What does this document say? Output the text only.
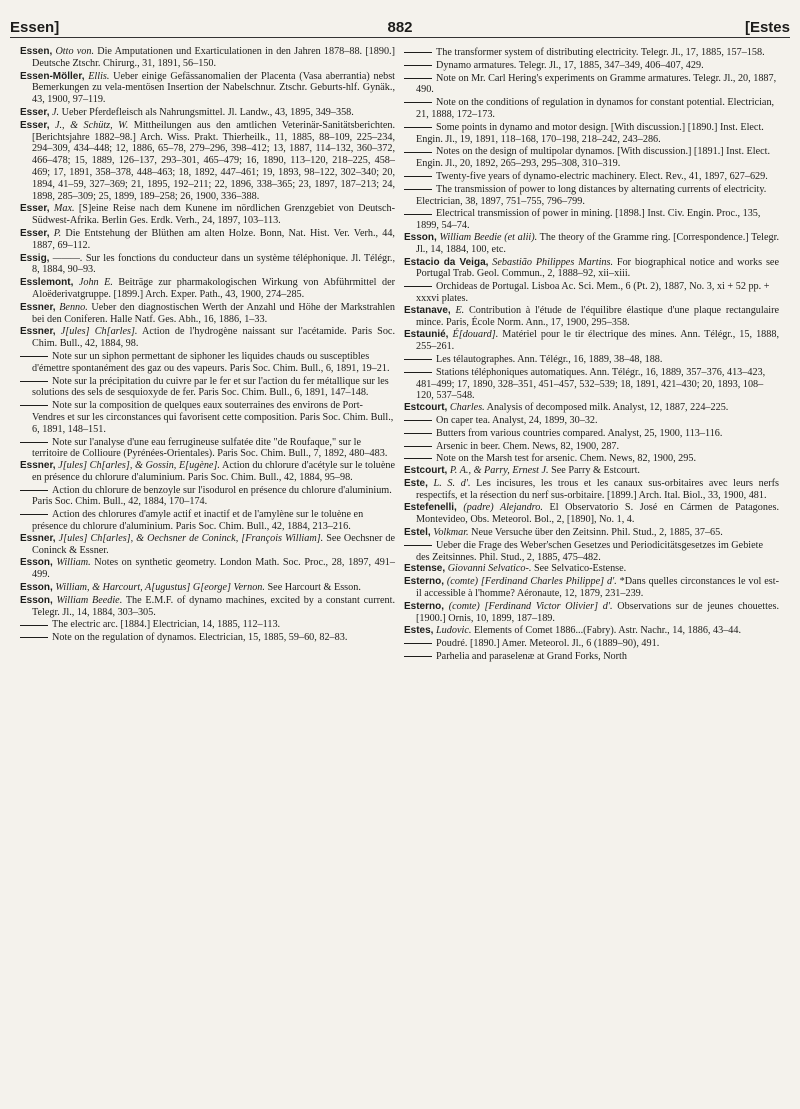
Essen]	882	[Estes
Essen, Otto von. Die Amputationen und Exarticulationen in den Jahren 1878–88. [1890.] Deutsche Ztschr. Chirurg., 31, 1891, 56–150.
Essen-Möller, Ellis. Ueber einige Gefässanomalien der Placenta (Vasa aberrantia) nebst Bemerkungen zu vela-mentösen Insertion der Nabelschnur. Ztschr. Geburts-hlf. Gynäk., 43, 1900, 97–119.
Esser, J. Ueber Pferdefleisch als Nahrungsmittel. Jl. Landw., 43, 1895, 349–358.
Esser, J., & Schütz, W. Mittheilungen aus den amtlichen Veterinär-Sanitätsberichten. [Berichtsjahre 1882–98.] Arch. Wiss. Prakt. Thierheilk., 11, 1885, 88–109, 225–234, 294–309, 434–448; 12, 1886, 65–78, 279–296, 398–412; 13, 1887, 114–132, 360–372, 466–478; 15, 1889, 126–137, 293–301, 465–479; 16, 1890, 113–120, 218–225, 458–469; 17, 1891, 358–378, 448–463; 18, 1892, 447–461; 19, 1893, 98–122, 302–340; 20, 1894, 41–59, 327–369; 21, 1895, 192–211; 22, 1896, 338–365; 23, 1897, 187–213; 24, 1898, 285–309; 25, 1899, 189–258; 26, 1900, 336–388.
Esser, Max. [S]eine Reise nach dem Kunene im nördlichen Grenzgebiet von Deutsch-Südwest-Afrika. Berlin Ges. Erdk. Verh., 24, 1897, 103–113.
Esser, P. Die Entstehung der Blüthen am alten Holze. Bonn, Nat. Hist. Ver. Verh., 44, 1887, 69–112.
Essig, ———. Sur les fonctions du conducteur dans un système téléphonique. Jl. Télégr., 8, 1884, 90–93.
Esslemont, John E. Beiträge zur pharmakologischen Wirkung von Abführmittel der Aloëderivatgruppe. [1899.] Arch. Exper. Path., 43, 1900, 274–285.
Essner, Benno. Ueber den diagnostischen Werth der Anzahl und Höhe der Markstrahlen bei den Coniferen. Halle Natf. Ges. Abh., 16, 1886, 1–33.
Essner, J[ules] Ch[arles]. Action de l'hydrogène naissant sur l'acétamide. Paris Soc. Chim. Bull., 42, 1884, 98.
Note sur un siphon permettant de siphoner les liquides chauds ou susceptibles d'émettre spontanément des gaz ou des vapeurs. Paris Soc. Chim. Bull., 6, 1891, 19–21.
Note sur la précipitation du cuivre par le fer et sur l'action du fer métallique sur les solutions des sels de sesquioxyde de fer. Paris Soc. Chim. Bull., 6, 1891, 147–148.
Note sur la composition de quelques eaux souterraines des environs de Port-Vendres et sur les circonstances qui favorisent cette composition. Paris Soc. Chim. Bull., 6, 1891, 148–151.
Note sur l'analyse d'une eau ferrugineuse sulfatée dite "de Roufaque," sur le territoire de Collioure (Pyrénées-Orientales). Paris Soc. Chim. Bull., 7, 1892, 480–483.
Essner, J[ules] Ch[arles], & Gossin, E[ugène]. Action du chlorure d'acétyle sur le toluène en présence du chlorure d'aluminium. Paris Soc. Chim. Bull., 42, 1884, 95–98.
Action du chlorure de benzoyle sur l'isodurol en présence du chlorure d'aluminium. Paris Soc. Chim. Bull., 42, 1884, 170–174.
Action des chlorures d'amyle actif et inactif et de l'amylène sur le toluène en présence du chlorure d'aluminium. Paris Soc. Chim. Bull., 42, 1884, 213–216.
Essner, J[ules] Ch[arles], & Oechsner de Coninck, [François William]. See Oechsner de Coninck & Essner.
Esson, William. Notes on synthetic geometry. London Math. Soc. Proc., 28, 1897, 491–499.
Esson, William, & Harcourt, A[ugustus] G[eorge] Vernon. See Harcourt & Esson.
Esson, William Beedie. The E.M.F. of dynamo machines, excited by a constant current. Telegr. Jl., 14, 1884, 303–305.
The electric arc. [1884.] Electrician, 14, 1885, 112–113.
Note on the regulation of dynamos. Electrician, 15, 1885, 59–60, 82–83.
The transformer system of distributing electricity. Telegr. Jl., 17, 1885, 157–158.
Dynamo armatures. Telegr. Jl., 17, 1885, 347–349, 406–407, 429.
Note on Mr. Carl Hering's experiments on Gramme armatures. Telegr. Jl., 20, 1887, 490.
Note on the conditions of regulation in dynamos for constant potential. Electrician, 21, 1888, 172–173.
Some points in dynamo and motor design. [With discussion.] [1890.] Inst. Elect. Engin. Jl., 19, 1891, 118–168, 170–198, 218–242, 243–286.
Notes on the design of multipolar dynamos. [With discussion.] [1891.] Inst. Elect. Engin. Jl., 20, 1892, 265–293, 295–308, 310–319.
Twenty-five years of dynamo-electric machinery. Elect. Rev., 41, 1897, 627–629.
The transmission of power to long distances by alternating currents of electricity. Electrician, 38, 1897, 751–755, 796–799.
Electrical transmission of power in mining. [1898.] Inst. Civ. Engin. Proc., 135, 1899, 54–74.
Esson, William Beedie (et alii). The theory of the Gramme ring. [Correspondence.] Telegr. Jl., 14, 1884, 100, etc.
Estacio da Veiga, Sebastião Philippes Martins. For biographical notice and works see Portugal Trab. Geol. Commun., 2, 1888–92, xii–xiii.
Orchideas de Portugal. Lisboa Ac. Sci. Mem., 6 (Pt. 2), 1887, No. 3, xi + 52 pp. + xxxvi plates.
Estanave, E. Contribution à l'étude de l'équilibre élastique d'une plaque rectangulaire mince. Paris, École Norm. Ann., 17, 1900, 295–358.
Estaunié, É[douard]. Matériel pour le tir électrique des mines. Ann. Télégr., 15, 1888, 255–261.
Les télautographes. Ann. Télégr., 16, 1889, 38–48, 188.
Stations téléphoniques automatiques. Ann. Télégr., 16, 1889, 357–376, 413–423, 481–499; 17, 1890, 328–351, 451–457, 532–539; 18, 1891, 421–430; 20, 1893, 108–120, 537–548.
Estcourt, Charles. Analysis of decomposed milk. Analyst, 12, 1887, 224–225.
On caper tea. Analyst, 24, 1899, 30–32.
Butters from various countries compared. Analyst, 25, 1900, 113–116.
Arsenic in beer. Chem. News, 82, 1900, 287.
Note on the Marsh test for arsenic. Chem. News, 82, 1900, 295.
Estcourt, P. A., & Parry, Ernest J. See Parry & Estcourt.
Este, L. S. d'. Les incisures, les trous et les canaux sus-orbitaires avec leurs nerfs respectifs, et la résection du nerf sus-orbitaire. [1899.] Arch. Ital. Biol., 33, 1900, 481.
Estefenelli, (padre) Alejandro. El Observatorio S. José en Cármen de Patagones. Montevideo, Obs. Meteorol. Bol., 2, [1890], No. 1, 4.
Estel, Volkmar. Neue Versuche über den Zeitsinn. Phil. Stud., 2, 1885, 37–65.
Ueber die Frage des Weber'schen Gesetzes und Periodicitätsgesetzes im Gebiete des Zeitsinnes. Phil. Stud., 2, 1885, 475–482.
Estense, Giovanni Selvatico-. See Selvatico-Estense.
Esterno, (comte) [Ferdinand Charles Philippe] d'. *Dans quelles circonstances le vol est-il accessible à l'homme? Aéronaute, 12, 1879, 231–239.
Esterno, (comte) [Ferdinand Victor Olivier] d'. Observations sur de jeunes chouettes. [1900.] Ornis, 10, 1899, 187–189.
Estes, Ludovic. Elements of Comet 1886...(Fabry). Astr. Nachr., 14, 1886, 43–44.
Poudré. [1890.] Amer. Meteorol. Jl., 6 (1889–90), 491.
Parhelia and paraselenæ at Grand Forks, North
